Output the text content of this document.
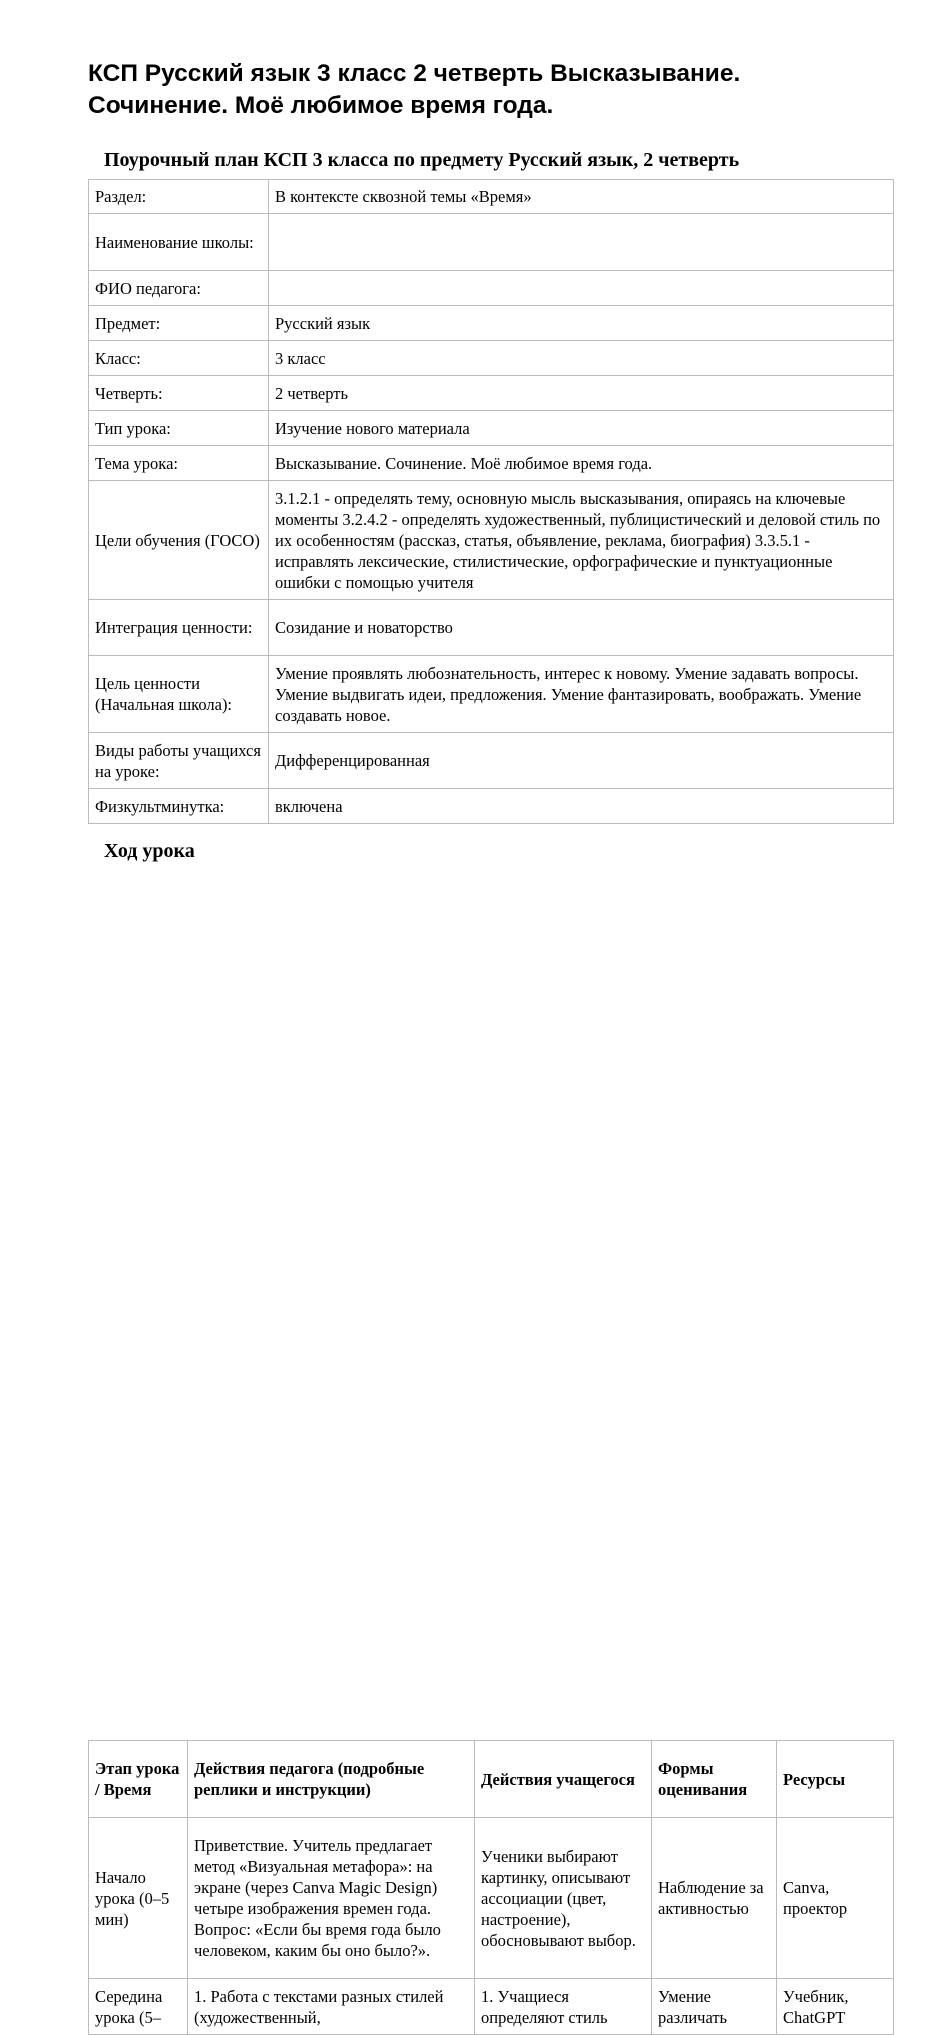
КСП Русский язык 3 класс 2 четверть Высказывание. Сочинение. Моё любимое время года.
Поурочный план КСП 3 класса по предмету Русский язык, 2 четверть
Раздел:	В контексте сквозной темы «Время»
Наименование школы:	
ФИО педагога:	
Предмет:	Русский язык
Класс:	3 класс
Четверть:	2 четверть
Тип урока:	Изучение нового материала
Тема урока:	Высказывание. Сочинение. Моё любимое время года.
Цели обучения (ГОСО)	3.1.2.1 - определять тему, основную мысль высказывания, опираясь на ключевые моменты 3.2.4.2 - определять художественный, публицистический и деловой стиль по их особенностям (рассказ, статья, объявление, реклама, биография) 3.3.5.1 - исправлять лексические, стилистические, орфографические и пунктуационные ошибки с помощью учителя
Интеграция ценности:	Созидание и новаторство
Цель ценности (Начальная школа):	Умение проявлять любознательность, интерес к новому. Умение задавать вопросы. Умение выдвигать идеи, предложения. Умение фантазировать, воображать. Умение создавать новое.
Виды работы учащихся на уроке:	Дифференцированная
Физкультминутка:	включена
Ход урока
Этап урока / Время	Действия педагога (подробные реплики и инструкции)	Действия учащегося	Формы оценивания	Ресурсы
Начало урока (0–5 мин)	Приветствие. Учитель предлагает метод «Визуальная метафора»: на экране (через Canva Magic Design) четыре изображения времен года. Вопрос: «Если бы время года было человеком, каким бы оно было?».	Ученики выбирают картинку, описывают ассоциации (цвет, настроение), обосновывают выбор.	Наблюдение за активностью	Canva, проектор
Середина урока (5–	1. Работа с текстами разных стилей (художественный,	1. Учащиеся определяют стиль	Умение различать	Учебник, ChatGPT
